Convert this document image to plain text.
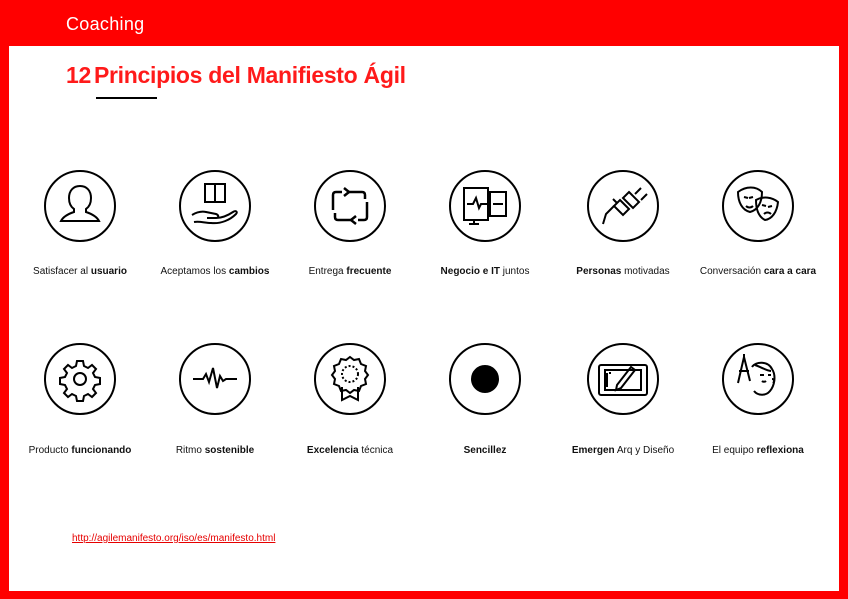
Coaching
12 Principios del Manifiesto Ágil
Satisfacer al usuario	Aceptamos los cambios	Entrega frecuente	Negocio e IT juntos	Personas motivadas	Conversación cara a cara
Producto funcionando	Ritmo sostenible	Excelencia técnica	Sencillez	Emergen Arq y Diseño	El equipo reflexiona
http://agilemanifesto.org/iso/es/manifesto.html
